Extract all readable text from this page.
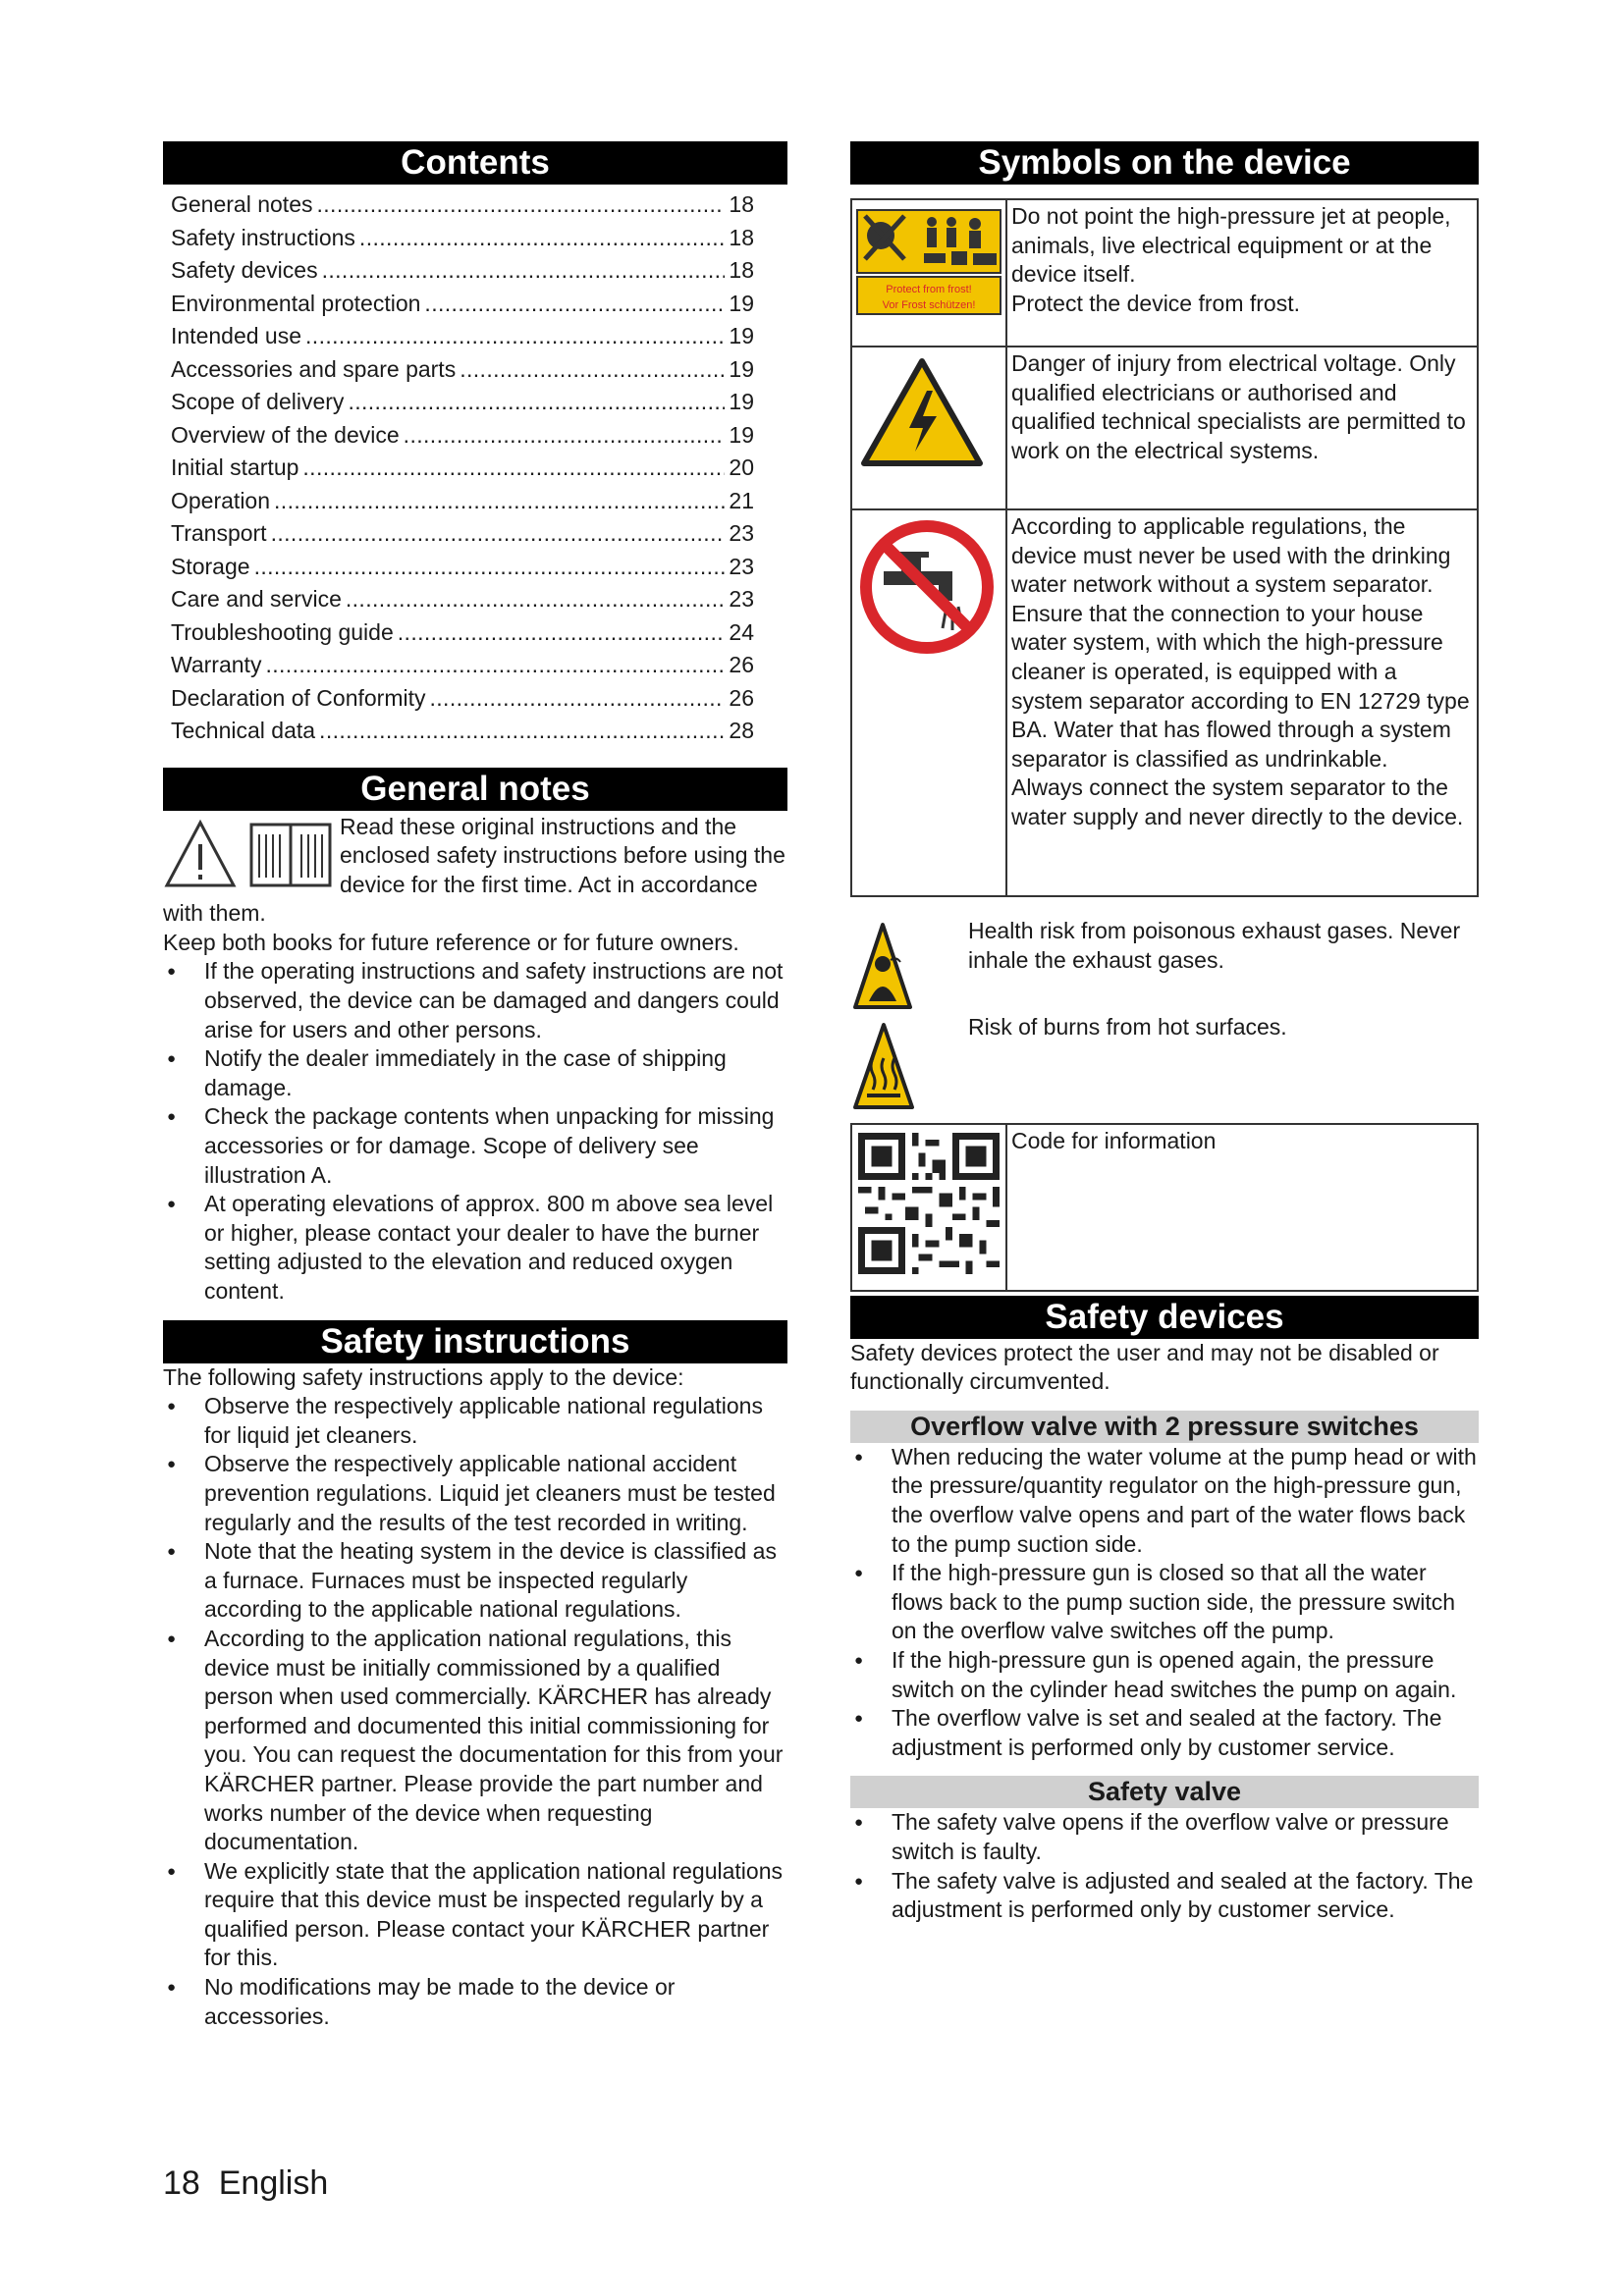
Contents
General notes . . .	18
Safety instructions . . .	18
Safety devices . . .	18
Environmental protection . . .	19
Intended use . . .	19
Accessories and spare parts . . .	19
Scope of delivery . . .	19
Overview of the device . . .	19
Initial startup . . .	20
Operation . . .	21
Transport . . .	23
Storage . . .	23
Care and service . . .	23
Troubleshooting guide . . .	24
Warranty . . .	26
Declaration of Conformity . . .	26
Technical data . . .	28
General notes

Read these original instructions and the enclosed safety instructions before using the device for the first time. Act in accordance with them.

Keep both books for future reference or for future owners.

● If the operating instructions and safety instructions are not observed, the device can be damaged and dangers could arise for users and other persons.
● Notify the dealer immediately in the case of shipping damage.
● Check the package contents when unpacking for missing accessories or for damage. Scope of delivery see illustration A.
● At operating elevations of approx. 800 m above sea level or higher, please contact your dealer to have the burner setting adjusted to the elevation and reduced oxygen content.
Safety instructions

The following safety instructions apply to the device:

● Observe the respectively applicable national regulations for liquid jet cleaners.
● Observe the respectively applicable national accident prevention regulations. Liquid jet cleaners must be tested regularly and the results of the test recorded in writing.
● Note that the heating system in the device is classified as a furnace. Furnaces must be inspected regularly according to the applicable national regulations.
● According to the application national regulations, this device must be initially commissioned by a qualified person when used commercially. KÄRCHER has already performed and documented this initial commissioning for you. You can request the documentation for this from your KÄRCHER partner. Please provide the part number and works number of the device when requesting documentation.
● We explicitly state that the application national regulations require that this device must be inspected regularly by a qualified person. Please contact your KÄRCHER partner for this.
● No modifications may be made to the device or accessories.
Symbols on the device
Protect from frost!
Vor Frost schützen!	Do not point the high-pressure jet at people, animals, live electrical equipment or at the device itself.
Protect the device from frost.
	Danger of injury from electrical voltage. Only qualified electricians or authorised and qualified technical specialists are permitted to work on the electrical systems.
	According to applicable regulations, the device must never be used with the drinking water network without a system separator. Ensure that the connection to your house water system, with which the high-pressure cleaner is operated, is equipped with a system separator according to EN 12729 type BA. Water that has flowed through a system separator is classified as undrinkable.
Always connect the system separator to the water supply and never directly to the device.

Health risk from poisonous exhaust gases. Never inhale the exhaust gases.

Risk of burns from hot surfaces.

	Code for information
Safety devices

Safety devices protect the user and may not be disabled or functionally circumvented.

Overflow valve with 2 pressure switches
● When reducing the water volume at the pump head or with the pressure/quantity regulator on the high-pressure gun, the overflow valve opens and part of the water flows back to the pump suction side.
● If the high-pressure gun is closed so that all the water flows back to the pump suction side, the pressure switch on the overflow valve switches off the pump.
● If the high-pressure gun is opened again, the pressure switch on the cylinder head switches the pump on again.
● The overflow valve is set and sealed at the factory. The adjustment is performed only by customer service.
Safety valve
● The safety valve opens if the overflow valve or pressure switch is faulty.
● The safety valve is adjusted and sealed at the factory. The adjustment is performed only by customer service.
18 English
